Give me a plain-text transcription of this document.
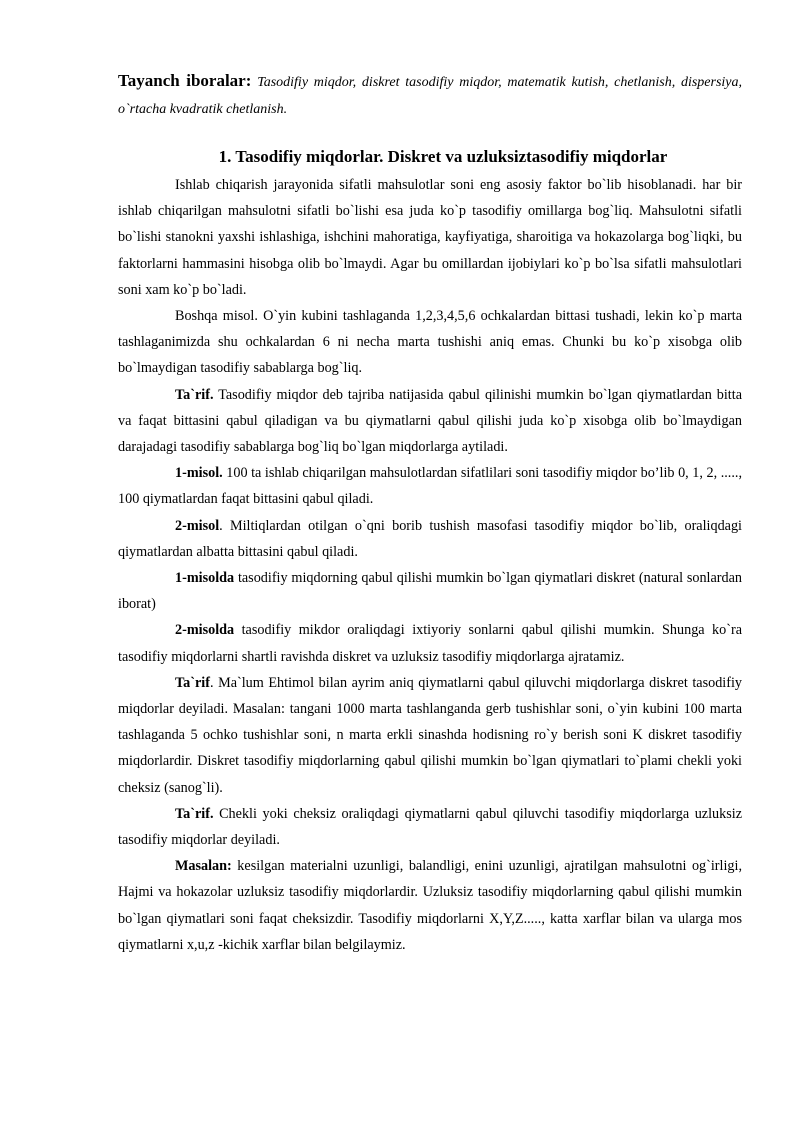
Tayanch iboralar: Tasodifiy miqdor, diskret tasodifiy miqdor, matematik kutish, chetlanish, dispersiya, o`rtacha kvadratik chetlanish.
1. Tasodifiy miqdorlar. Diskret va uzluksiztasodifiy miqdorlar

Ishlab chiqarish jarayonida sifatli mahsulotlar soni eng asosiy faktor bo`lib hisoblanadi. har bir ishlab chiqarilgan mahsulotni sifatli bo`lishi esa juda ko`p tasodifiy omillarga bog`liq. Mahsulotni sifatli bo`lishi stanokni yaxshi ishlashiga, ishchini mahoratiga, kayfiyatiga, sharoitiga va hokazolarga bog`liqki, bu faktorlarni hammasini hisobga olib bo`lmaydi. Agar bu omillardan ijobiylari ko`p bo`lsa sifatli mahsulotlari soni xam ko`p bo`ladi.

Boshqa misol. O`yin kubini tashlaganda 1,2,3,4,5,6 ochkalardan bittasi tushadi, lekin ko`p marta tashlaganimizda shu ochkalardan 6 ni necha marta tushishi aniq emas. Chunki bu ko`p xisobga olib bo`lmaydigan tasodifiy sabablarga bog`liq.

Ta`rif. Tasodifiy miqdor deb tajriba natijasida qabul qilinishi mumkin bo`lgan qiymatlardan bitta va faqat bittasini qabul qiladigan va bu qiymatlarni qabul qilishi juda ko`p xisobga olib bo`lmaydigan darajadagi tasodifiy sabablarga bog`liq bo`lgan miqdorlarga aytiladi.

1-misol. 100 ta ishlab chiqarilgan mahsulotlardan sifatlilari soni tasodifiy miqdor bo’lib 0, 1, 2, ....., 100 qiymatlardan faqat bittasini qabul qiladi.

2-misol. Miltiqlardan otilgan o`qni borib tushish masofasi tasodifiy miqdor bo`lib, oraliqdagi qiymatlardan albatta bittasini qabul qiladi.

1-misolda tasodifiy miqdorning qabul qilishi mumkin bo`lgan qiymatlari diskret (natural sonlardan iborat)

2-misolda tasodifiy mikdor oraliqdagi ixtiyoriy sonlarni qabul qilishi mumkin. Shunga ko`ra tasodifiy miqdorlarni shartli ravishda diskret va uzluksiz tasodifiy miqdorlarga ajratamiz.

Ta`rif. Ma`lum Ehtimol bilan ayrim aniq qiymatlarni qabul qiluvchi miqdorlarga diskret tasodifiy miqdorlar deyiladi. Masalan: tangani 1000 marta tashlanganda gerb tushishlar soni, o`yin kubini 100 marta tashlaganda 5 ochko tushishlar soni, n marta erkli sinashda hodisning ro`y berish soni K diskret tasodifiy miqdorlardir. Diskret tasodifiy miqdorlarning qabul qilishi mumkin bo`lgan qiymatlari to`plami chekli yoki cheksiz (sanog`li).

Ta`rif. Chekli yoki cheksiz oraliqdagi qiymatlarni qabul qiluvchi tasodifiy miqdorlarga uzluksiz tasodifiy miqdorlar deyiladi.

Masalan: kesilgan materialni uzunligi, balandligi, enini uzunligi, ajratilgan mahsulotni og`irligi, Hajmi va hokazolar uzluksiz tasodifiy miqdorlardir. Uzluksiz tasodifiy miqdorlarning qabul qilishi mumkin bo`lgan qiymatlari soni faqat cheksizdir. Tasodifiy miqdorlarni X,Y,Z....., katta xarflar bilan va ularga mos qiymatlarni x,u,z -kichik xarflar bilan belgilaymiz.
